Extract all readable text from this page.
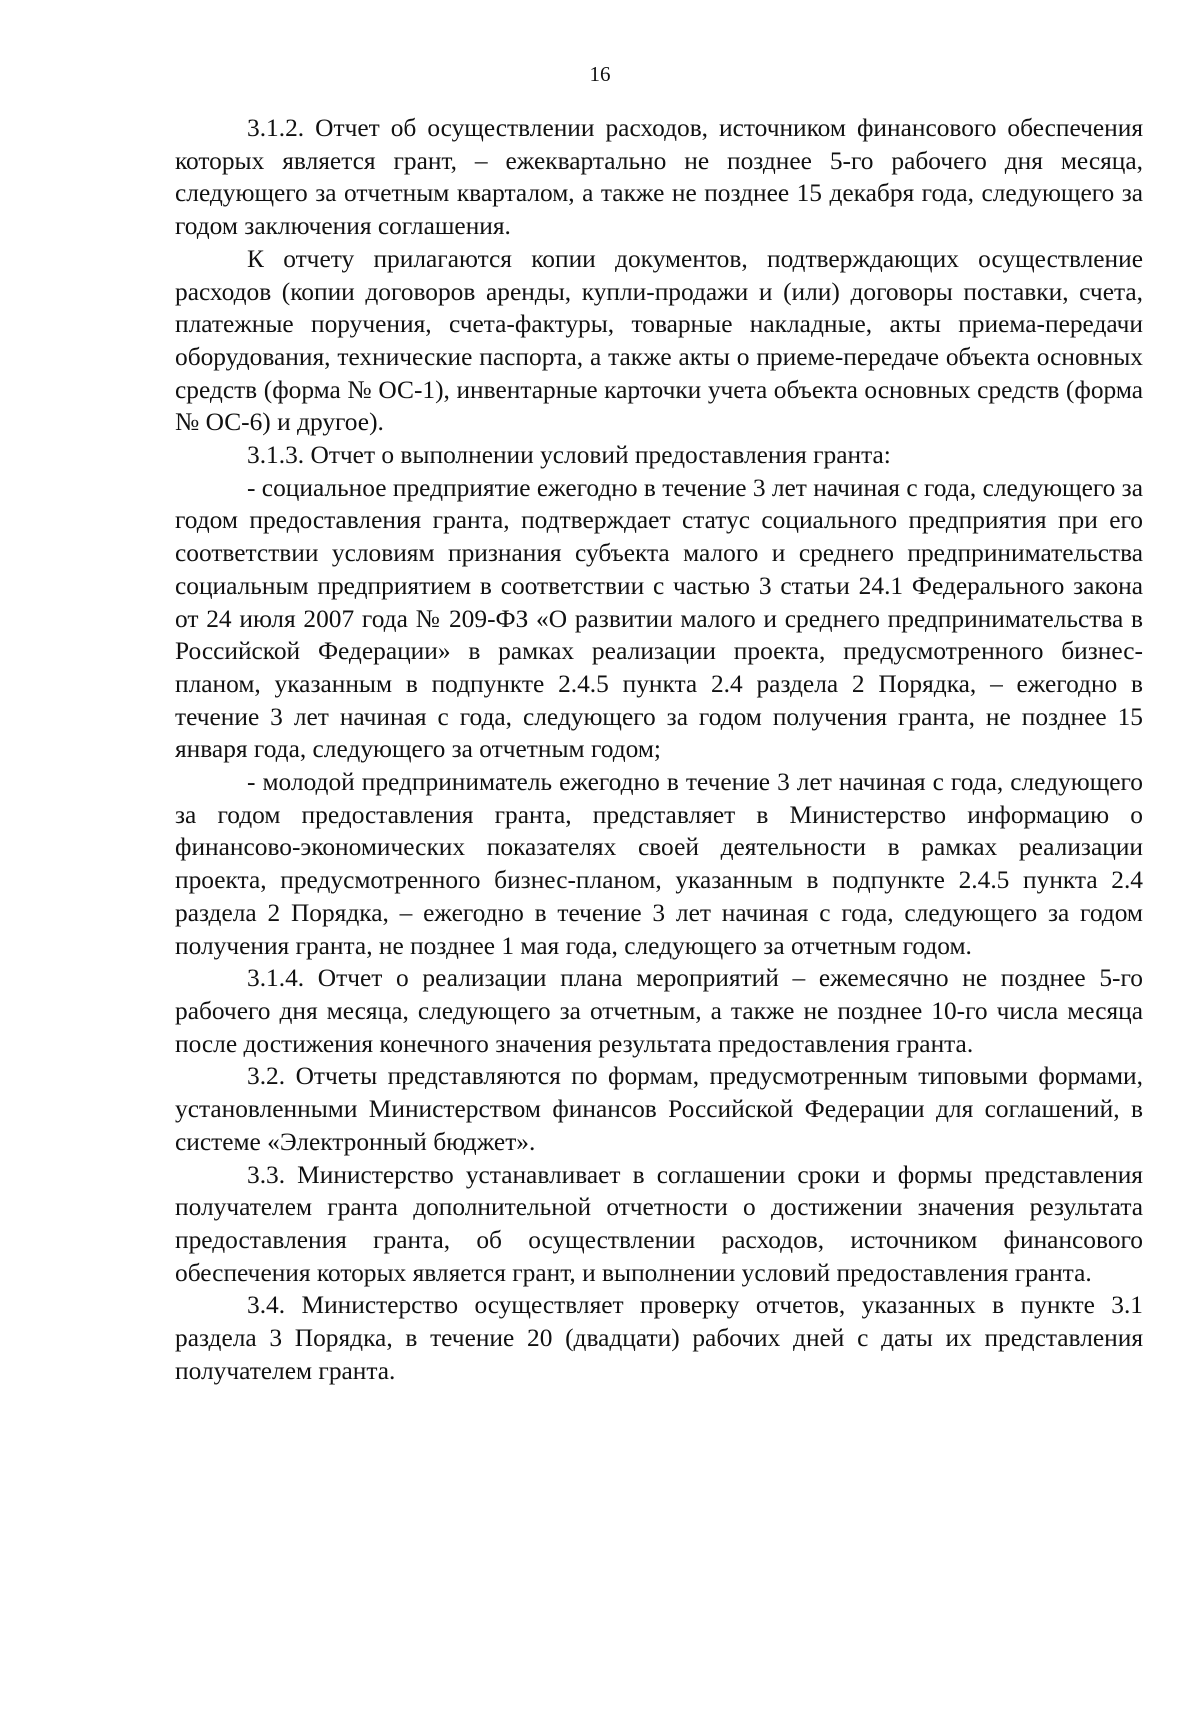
16

3.1.2. Отчет об осуществлении расходов, источником финансового обеспечения которых является грант, – ежеквартально не позднее 5-го рабочего дня месяца, следующего за отчетным кварталом, а также не позднее 15 декабря года, следующего за годом заключения соглашения.

К отчету прилагаются копии документов, подтверждающих осуществление расходов (копии договоров аренды, купли-продажи и (или) договоры поставки, счета, платежные поручения, счета-фактуры, товарные накладные, акты приема-передачи оборудования, технические паспорта, а также акты о приеме-передаче объекта основных средств (форма № ОС-1), инвентарные карточки учета объекта основных средств (форма № ОС-6) и другое).

3.1.3. Отчет о выполнении условий предоставления гранта:

- социальное предприятие ежегодно в течение 3 лет начиная с года, следующего за годом предоставления гранта, подтверждает статус социального предприятия при его соответствии условиям признания субъекта малого и среднего предпринимательства социальным предприятием в соответствии с частью 3 статьи 24.1 Федерального закона от 24 июля 2007 года № 209-ФЗ «О развитии малого и среднего предпринимательства в Российской Федерации» в рамках реализации проекта, предусмотренного бизнес-планом, указанным в подпункте 2.4.5 пункта 2.4 раздела 2 Порядка, – ежегодно в течение 3 лет начиная с года, следующего за годом получения гранта, не позднее 15 января года, следующего за отчетным годом;

- молодой предприниматель ежегодно в течение 3 лет начиная с года, следующего за годом предоставления гранта, представляет в Министерство информацию о финансово-экономических показателях своей деятельности в рамках реализации проекта, предусмотренного бизнес-планом, указанным в подпункте 2.4.5 пункта 2.4 раздела 2 Порядка, – ежегодно в течение 3 лет начиная с года, следующего за годом получения гранта, не позднее 1 мая года, следующего за отчетным годом.

3.1.4. Отчет о реализации плана мероприятий – ежемесячно не позднее 5-го рабочего дня месяца, следующего за отчетным, а также не позднее 10-го числа месяца после достижения конечного значения результата предоставления гранта.

3.2. Отчеты представляются по формам, предусмотренным типовыми формами, установленными Министерством финансов Российской Федерации для соглашений, в системе «Электронный бюджет».

3.3. Министерство устанавливает в соглашении сроки и формы представления получателем гранта дополнительной отчетности о достижении значения результата предоставления гранта, об осуществлении расходов, источником финансового обеспечения которых является грант, и выполнении условий предоставления гранта.

3.4. Министерство осуществляет проверку отчетов, указанных в пункте 3.1 раздела 3 Порядка, в течение 20 (двадцати) рабочих дней с даты их представления получателем гранта.
